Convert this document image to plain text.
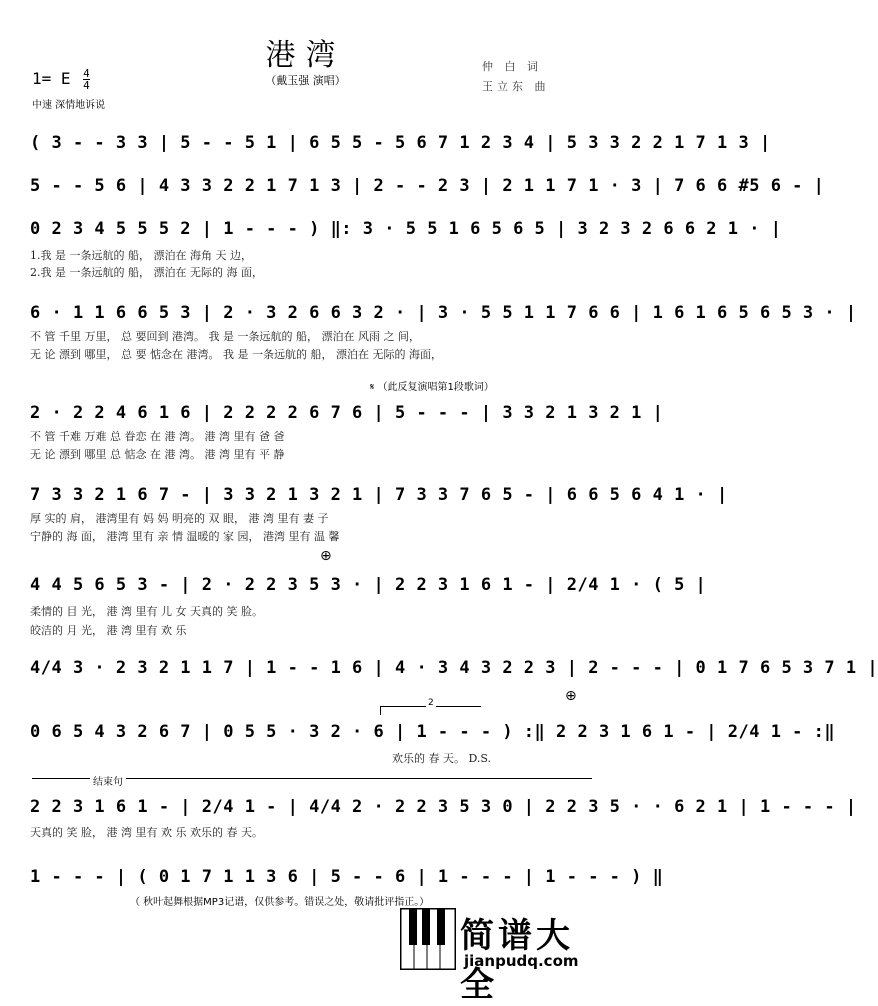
港湾
（戴玉强 演唱）
仲 白 词
王立东 曲
1= E $\frac{4}{4}$
中速 深情地诉说
( 3 - - 3 3 | 5 - - 5 1 | 6 5 5 - 5 6 7 1 2 3 4 | 5 3 3 2 2 1 7 1 3 |
5 - - 5 6 | 4 3 3 2 2 1 7 1 3 | 2 - - 2 3 | 2 1 1 7 1 · 3 | 7 6 6 #5 6 - |
0 2 3 4 5 5 5 2 | 1 - - - ) ‖: 3 · 5 5 1 6 5 6 5 | 3 2 3 2 6 6 2 1 · |
1.我 是 一条远航的 船， 漂泊在 海角 天 边，
2.我 是 一条远航的 船， 漂泊在 无际的 海 面，
6 · 1 1 6 6 5 3 | 2 · 3 2 6 6 3 2 · | 3 · 5 5 1 1 7 6 6 | 1 6 1 6 5 6 5 3 · |
不 管 千里 万里， 总 要回到 港湾。 我 是 一条远航的 船， 漂泊在 风雨 之 间，
无 论 漂到 哪里， 总 要 惦念在 港湾。 我 是 一条远航的 船， 漂泊在 无际的 海面，
𝄋 （此反复演唱第1段歌词）
2 · 2 2 4 6 1 6 | 2 2 2 2 6 7 6 | 5 - - - | 3 3 2 1 3 2 1 |
不 管 千难 万难 总 眷恋 在 港 湾。 港 湾 里有 爸 爸
无 论 漂到 哪里 总 惦念 在 港 湾。 港 湾 里有 平 静
7 3 3 2 1 6 7 - | 3 3 2 1 3 2 1 | 7 3 3 7 6 5 - | 6 6 5 6 4 1 · |
厚 实的 肩， 港湾里有 妈 妈 明亮的 双 眼， 港 湾 里有 妻 子
宁静的 海 面， 港湾 里有 亲 情 温暖的 家 园， 港湾 里有 温 馨
⊕
4 4 5 6 5 3 - | 2 · 2 2 3 5 3 · | 2 2 3 1 6 1 - | 2/4 1 · ( 5 |
柔情的 目 光， 港 湾 里有 儿 女 天真的 笑 脸。
皎洁的 月 光， 港 湾 里有 欢 乐
4/4 3 · 2 3 2 1 1 7 | 1 - - 1 6 | 4 · 3 4 3 2 2 3 | 2 - - - | 0 1 7 6 5 3 7 1 |
2	⊕
0 6 5 4 3 2 6 7 | 0 5 5 · 3 2 · 6 | 1 - - - ) :‖ 2 2 3 1 6 1 - | 2/4 1 - :‖
欢乐的 春 天。 D.S.
结束句
2 2 3 1 6 1 - | 2/4 1 - | 4/4 2 · 2 2 3 5 3 0 | 2 2 3 5 · · 6 2 1 | 1 - - - |
天真的 笑 脸， 港 湾 里有 欢 乐 欢乐的 春 天。
1 - - - | ( 0 1 7 1 1 3 6 | 5 - - 6 | 1 - - - | 1 - - - ) ‖
（ 秋叶起舞根据MP3记谱，仅供参考。错误之处，敬请批评指正。）
简谱大全
jianpudq.com
